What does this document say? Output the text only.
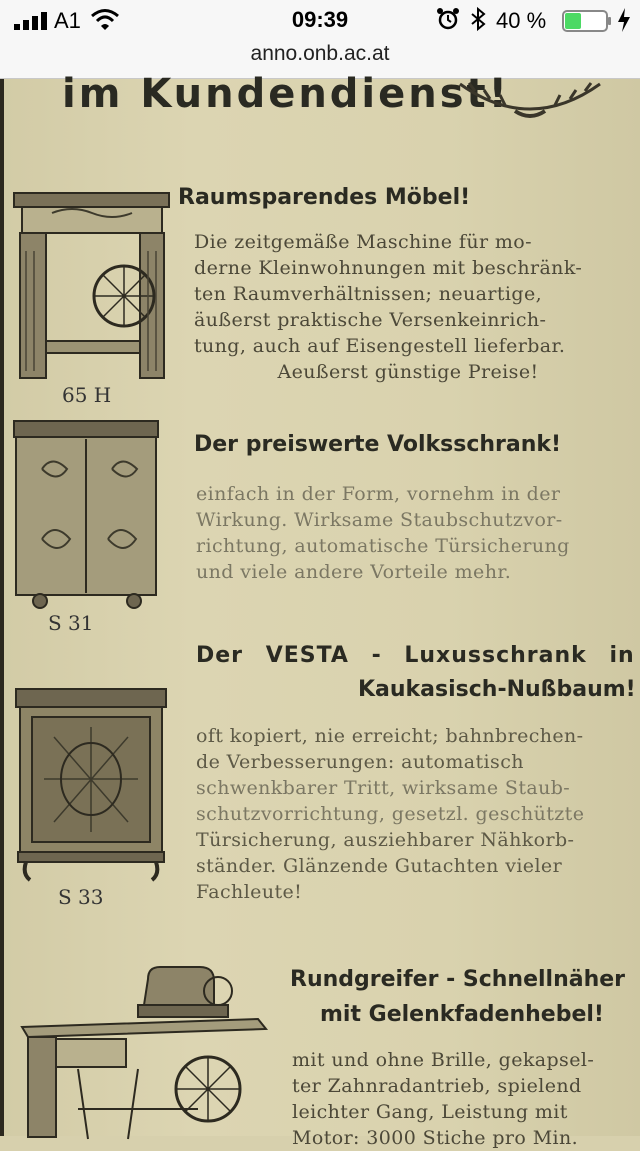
A1	09:39	40 %
anno.onb.ac.at
im Kundendienst!
65 H
Raumsparendes Möbel!
Die zeitgemäße Maschine für mo-
derne Kleinwohnungen mit beschränk-
ten Raumverhältnissen; neuartige,
äußerst praktische Versenkeinrich-
tung, auch auf Eisengestell lieferbar.
Aeußerst günstige Preise!
S 31
Der preiswerte Volksschrank!
einfach in der Form, vornehm in der
Wirkung. Wirksame Staubschutzvor-
richtung, automatische Türsicherung
und viele andere Vorteile mehr.
S 33
Der VESTA - Luxusschrank in
Kaukasisch-Nußbaum!
oft kopiert, nie erreicht; bahnbrechen-
de Verbesserungen: automatisch
schwenkbarer Tritt, wirksame Staub-
schutzvorrichtung, gesetzl. geschützte
Türsicherung, ausziehbarer Nähkorb-
ständer. Glänzende Gutachten vieler
Fachleute!
Rundgreifer - Schnellnäher
mit Gelenkfadenhebel!
mit und ohne Brille, gekapsel-
ter Zahnradantrieb, spielend
leichter Gang, Leistung mit
Motor: 3000 Stiche pro Min.
